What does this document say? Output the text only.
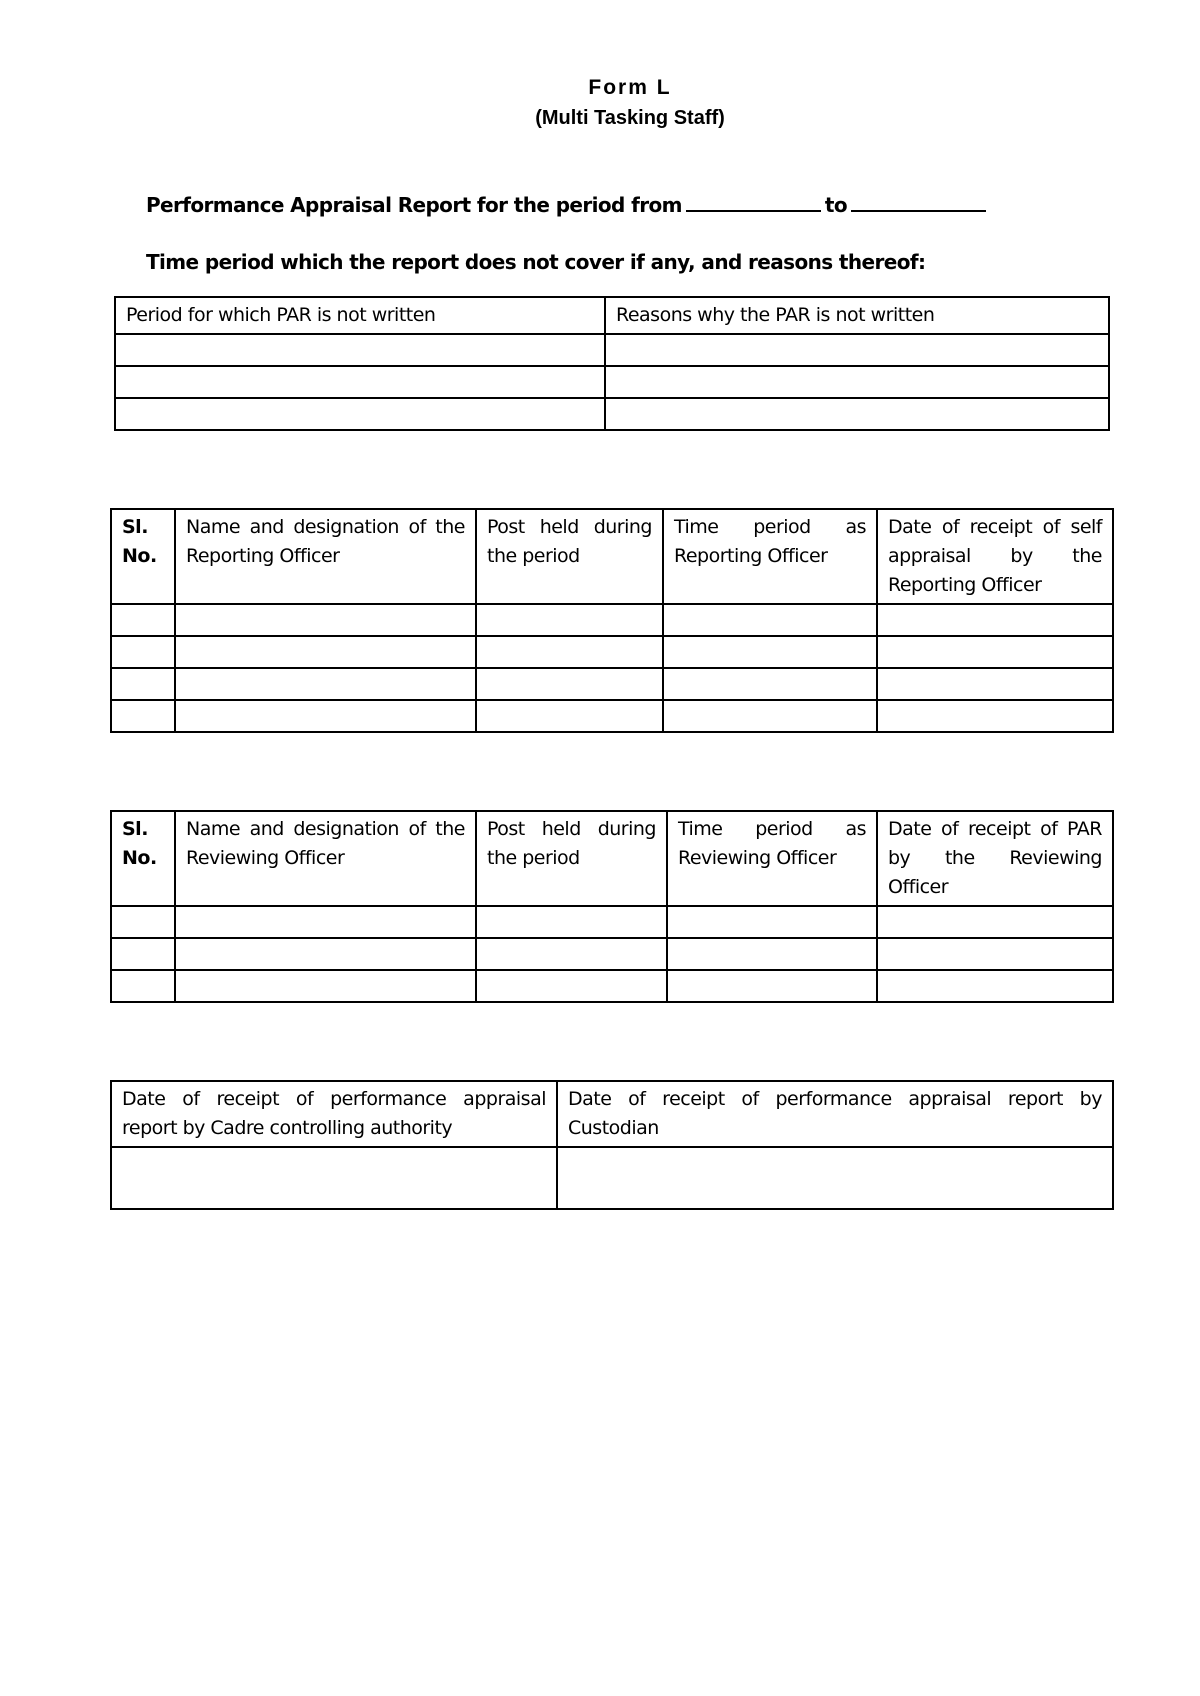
Form L
(Multi Tasking Staff)
Performance Appraisal Report for the period from	to
Time period which the report does not cover if any, and reasons thereof:
Period for which PAR is not written	Reasons why the PAR is not written

Sl. No.	Name and designation of the Reporting Officer	Post held during the period	Time period as Reporting Officer	Date of receipt of self appraisal by the Reporting Officer

Sl. No.	Name and designation of the Reviewing Officer	Post held during the period	Time period as Reviewing Officer	Date of receipt of PAR by the Reviewing Officer

Date of receipt of performance appraisal report by Cadre controlling authority	Date of receipt of performance appraisal report by Custodian
